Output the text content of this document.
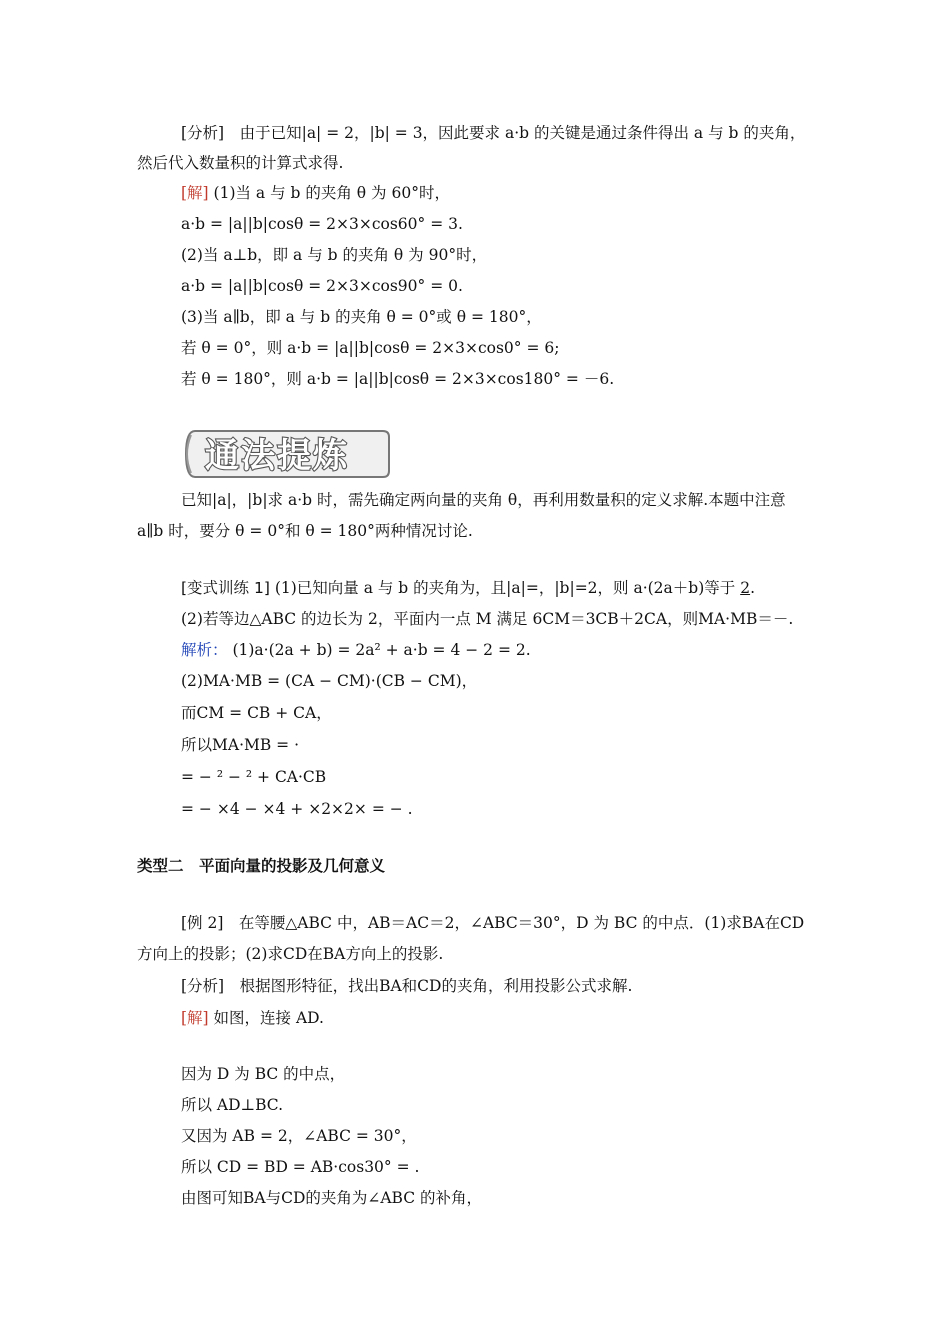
[分析]　由于已知|a| = 2，|b| = 3，因此要求 a·b 的关键是通过条件得出 a 与 b 的夹角，
然后代入数量积的计算式求得.
[解] (1)当 a 与 b 的夹角 θ 为 60°时，
a·b = |a||b|cosθ = 2×3×cos60° = 3.
(2)当 a⊥b，即 a 与 b 的夹角 θ 为 90°时，
a·b = |a||b|cosθ = 2×3×cos90° = 0.
(3)当 a∥b，即 a 与 b 的夹角 θ = 0°或 θ = 180°，
若 θ = 0°，则 a·b = |a||b|cosθ = 2×3×cos0° = 6;
若 θ = 180°，则 a·b = |a||b|cosθ = 2×3×cos180° = －6.
通法提炼
已知|a|，|b|求 a·b 时，需先确定两向量的夹角 θ，再利用数量积的定义求解.本题中注意
a∥b 时，要分 θ = 0°和 θ = 180°两种情况讨论.
[变式训练 1] (1)已知向量 a 与 b 的夹角为，且|a|=，|b|=2，则 a·(2a＋b)等于 2.
(2)若等边△ABC 的边长为 2，平面内一点 M 满足 6CM＝3CB＋2CA，则MA·MB＝－.
解析： (1)a·(2a + b) = 2a² + a·b = 4 − 2 = 2.
(2)MA·MB = (CA − CM)·(CB − CM)，
而CM = CB + CA，
所以MA·MB = ·
= − ² − ² + CA·CB
= − ×4 − ×4 + ×2×2× = − .
类型二　平面向量的投影及几何意义
[例 2]　在等腰△ABC 中，AB＝AC＝2，∠ABC＝30°，D 为 BC 的中点．(1)求BA在CD
方向上的投影；(2)求CD在BA方向上的投影.
[分析]　根据图形特征，找出BA和CD的夹角，利用投影公式求解.
[解] 如图，连接 AD.
因为 D 为 BC 的中点，
所以 AD⊥BC.
又因为 AB = 2，∠ABC = 30°，
所以 CD = BD = AB·cos30° = .
由图可知BA与CD的夹角为∠ABC 的补角，
